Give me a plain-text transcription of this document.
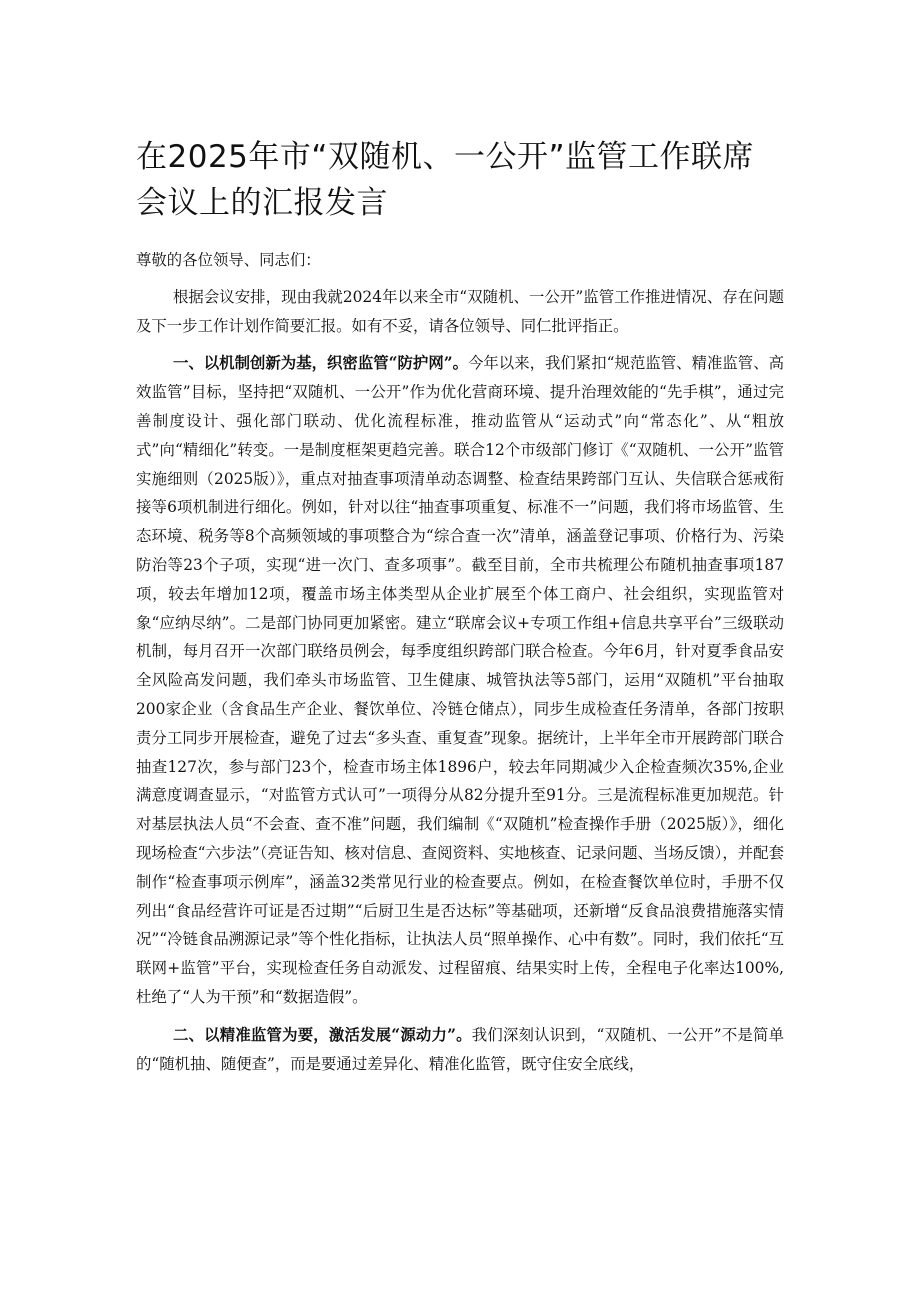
在2025年市“双随机、一公开”监管工作联席会议上的汇报发言

尊敬的各位领导、同志们：

根据会议安排，现由我就2024年以来全市“双随机、一公开”监管工作推进情况、存在问题及下一步工作计划作简要汇报。如有不妥，请各位领导、同仁批评指正。

一、以机制创新为基，织密监管“防护网”。今年以来，我们紧扣“规范监管、精准监管、高效监管”目标，坚持把“双随机、一公开”作为优化营商环境、提升治理效能的“先手棋”，通过完善制度设计、强化部门联动、优化流程标准，推动监管从“运动式”向“常态化”、从“粗放式”向“精细化”转变。一是制度框架更趋完善。联合12个市级部门修订《“双随机、一公开”监管实施细则（2025版）》，重点对抽查事项清单动态调整、检查结果跨部门互认、失信联合惩戒衔接等6项机制进行细化。例如，针对以往“抽查事项重复、标准不一”问题，我们将市场监管、生态环境、税务等8个高频领域的事项整合为“综合查一次”清单，涵盖登记事项、价格行为、污染防治等23个子项，实现“进一次门、查多项事”。截至目前，全市共梳理公布随机抽查事项187项，较去年增加12项，覆盖市场主体类型从企业扩展至个体工商户、社会组织，实现监管对象“应纳尽纳”。二是部门协同更加紧密。建立“联席会议+专项工作组+信息共享平台”三级联动机制，每月召开一次部门联络员例会，每季度组织跨部门联合检查。今年6月，针对夏季食品安全风险高发问题，我们牵头市场监管、卫生健康、城管执法等5部门，运用“双随机”平台抽取200家企业（含食品生产企业、餐饮单位、冷链仓储点），同步生成检查任务清单，各部门按职责分工同步开展检查，避免了过去“多头查、重复查”现象。据统计，上半年全市开展跨部门联合抽查127次，参与部门23个，检查市场主体1896户，较去年同期减少入企检查频次35%,企业满意度调查显示，“对监管方式认可”一项得分从82分提升至91分。三是流程标准更加规范。针对基层执法人员“不会查、查不准”问题，我们编制《“双随机”检查操作手册（2025版）》，细化现场检查“六步法”（亮证告知、核对信息、查阅资料、实地核查、记录问题、当场反馈），并配套制作“检查事项示例库”，涵盖32类常见行业的检查要点。例如，在检查餐饮单位时，手册不仅列出“食品经营许可证是否过期”“后厨卫生是否达标”等基础项，还新增“反食品浪费措施落实情况”“冷链食品溯源记录”等个性化指标，让执法人员“照单操作、心中有数”。同时，我们依托“互联网+监管”平台，实现检查任务自动派发、过程留痕、结果实时上传，全程电子化率达100%,杜绝了“人为干预”和“数据造假”。

二、以精准监管为要，激活发展“源动力”。我们深刻认识到，“双随机、一公开”不是简单的“随机抽、随便查”，而是要通过差异化、精准化监管，既守住安全底线，
